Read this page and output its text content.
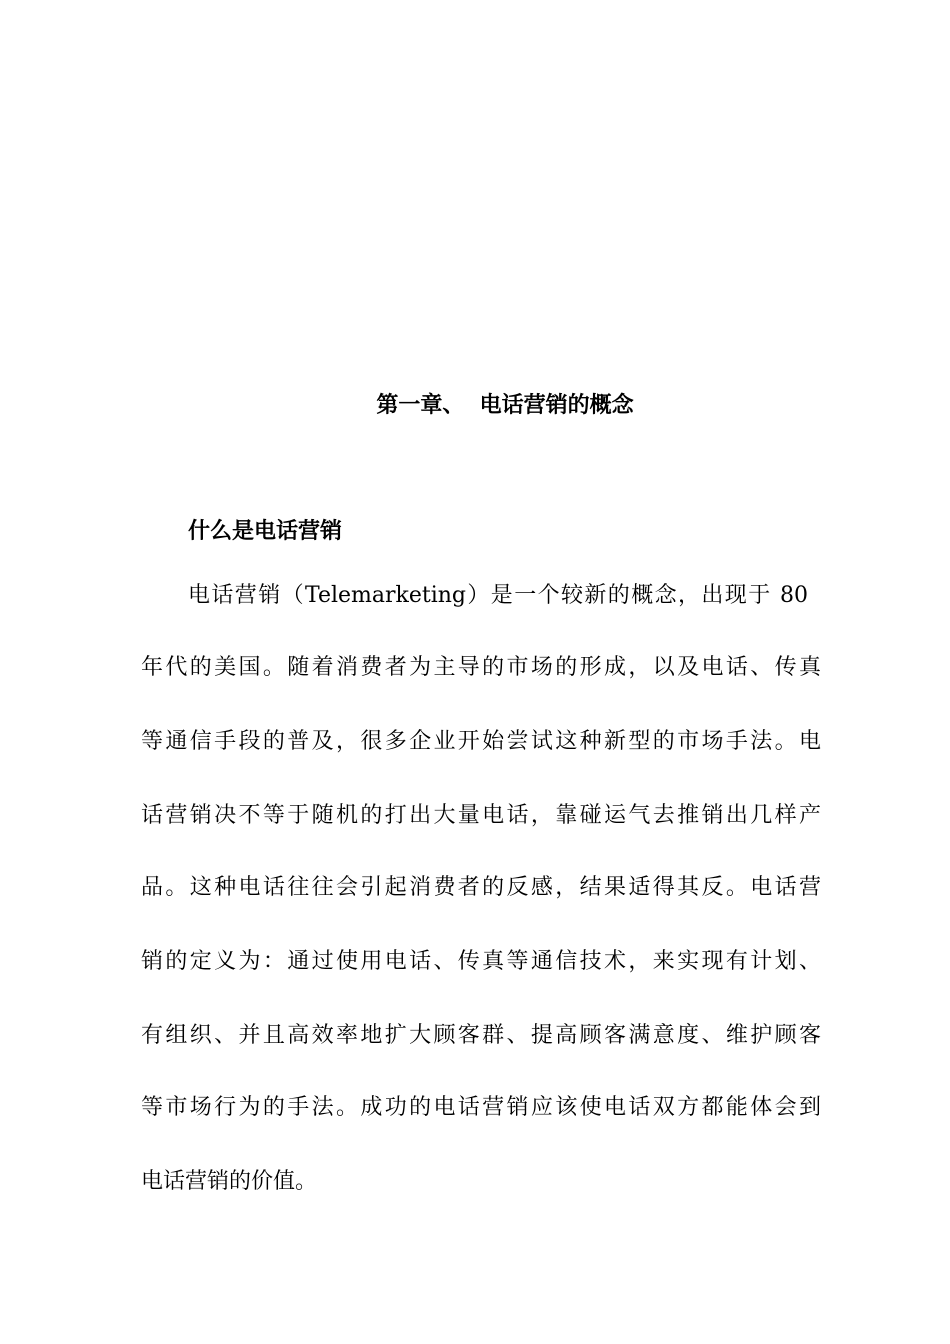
第一章、  电话营销的概念
什么是电话营销

电话营销（Telemarketing）是一个较新的概念，出现于 80

年代的美国。随着消费者为主导的市场的形成，以及电话、传真

等通信手段的普及，很多企业开始尝试这种新型的市场手法。电

话营销决不等于随机的打出大量电话，靠碰运气去推销出几样产

品。这种电话往往会引起消费者的反感，结果适得其反。电话营

销的定义为：通过使用电话、传真等通信技术，来实现有计划、

有组织、并且高效率地扩大顾客群、提高顾客满意度、维护顾客

等市场行为的手法。成功的电话营销应该使电话双方都能体会到

电话营销的价值。
